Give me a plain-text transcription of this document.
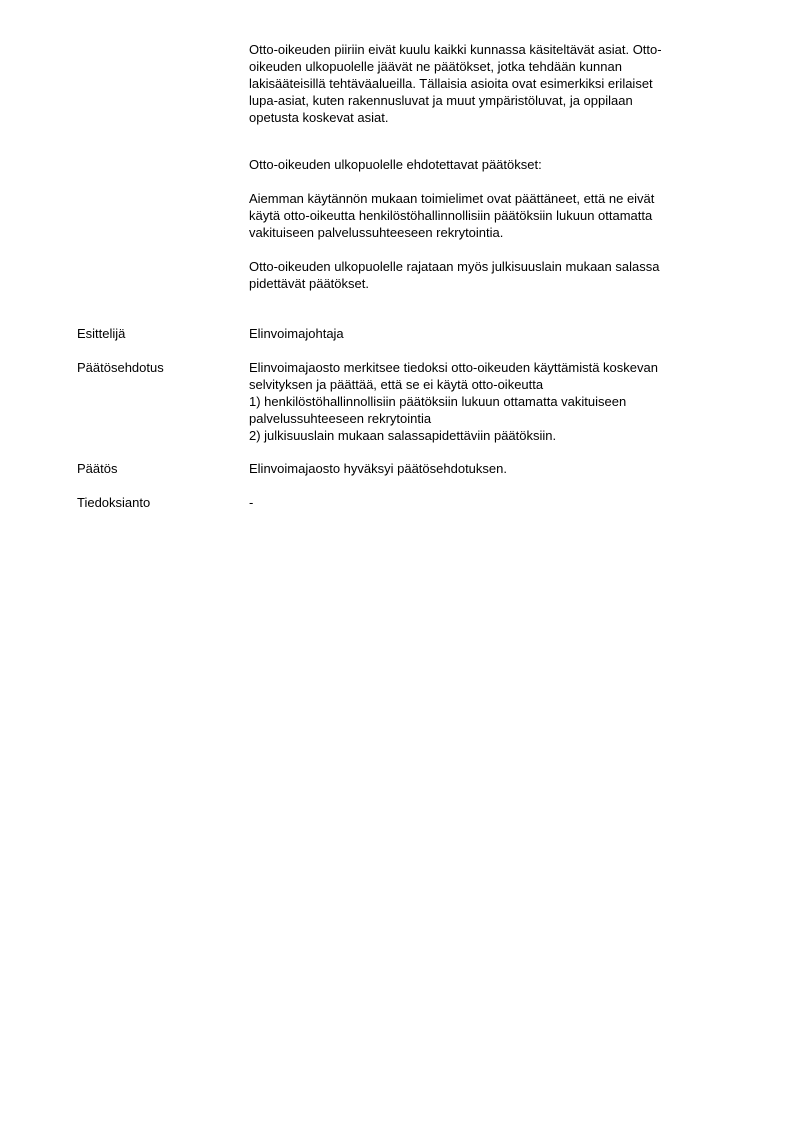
Otto-oikeuden piiriin eivät kuulu kaikki kunnassa käsiteltävät asiat. Otto-
oikeuden ulkopuolelle jäävät ne päätökset, jotka tehdään kunnan
lakisääteisillä tehtäväalueilla. Tällaisia asioita ovat esimerkiksi erilaiset
lupa-asiat, kuten rakennusluvat ja muut ympäristöluvat, ja oppilaan
opetusta koskevat asiat.
Otto-oikeuden ulkopuolelle ehdotettavat päätökset:
Aiemman käytännön mukaan toimielimet ovat päättäneet, että ne eivät
käytä otto-oikeutta henkilöstöhallinnollisiin päätöksiin lukuun ottamatta
vakituiseen palvelussuhteeseen rekrytointia.
Otto-oikeuden ulkopuolelle rajataan myös julkisuuslain mukaan salassa
pidettävät päätökset.
Esittelijä	Elinvoimajohtaja
Päätösehdotus	Elinvoimajaosto merkitsee tiedoksi otto-oikeuden käyttämistä koskevan
selvityksen ja päättää, että se ei käytä otto-oikeutta
1) henkilöstöhallinnollisiin päätöksiin lukuun ottamatta vakituiseen
palvelussuhteeseen rekrytointia
2) julkisuuslain mukaan salassapidettäviin päätöksiin.
Päätös	Elinvoimajaosto hyväksyi päätösehdotuksen.
Tiedoksianto	-
